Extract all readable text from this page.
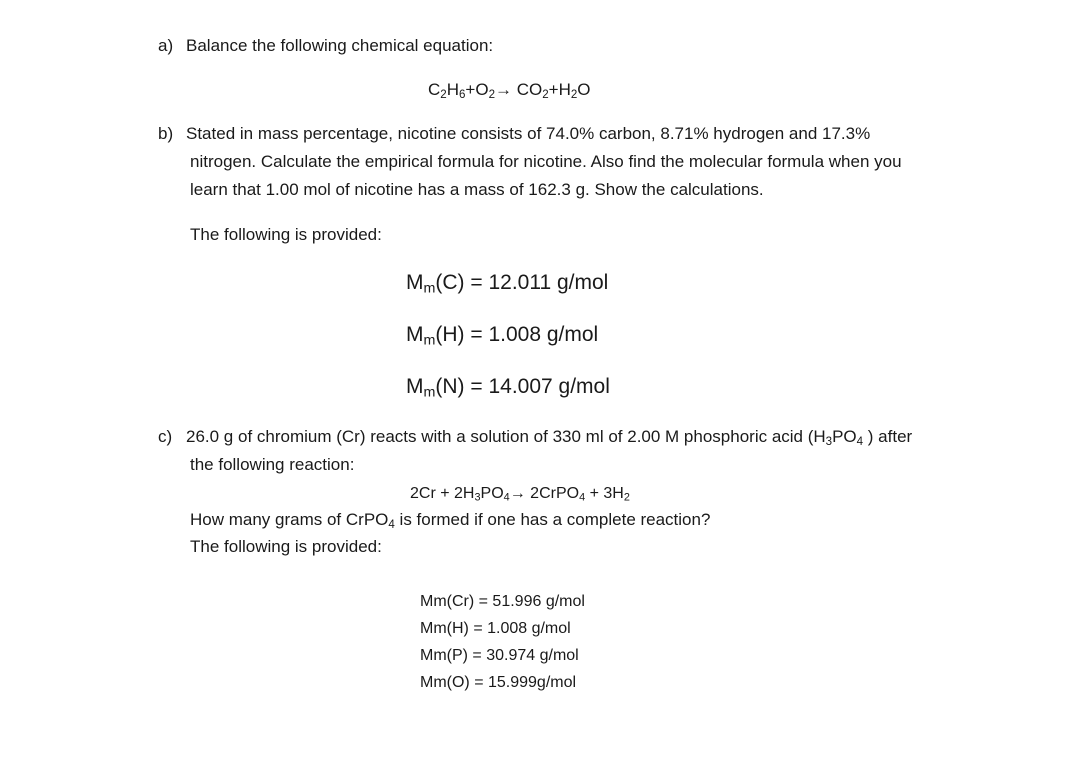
a) Balance the following chemical equation:
$C_2H_6+O_2\to CO_2+H_2O$
b) Stated in mass percentage, nicotine consists of 74.0% carbon, 8.71% hydrogen and 17.3%
nitrogen. Calculate the empirical formula for nicotine. Also find the molecular formula when you
learn that 1.00 mol of nicotine has a mass of 162.3 g. Show the calculations.
The following is provided:
$M_m(C) = 12.011$ g/mol
$M_m(H) = 1.008$ g/mol
$M_m(N) = 14.007$ g/mol
c) 26.0 g of chromium (Cr) reacts with a solution of 330 ml of 2.00 M phosphoric acid ($H_3PO_4$ ) after
the following reaction:
$2Cr + 2H_3PO_4\to$ 2CrPO$_4$ + $3H_2$
How many grams of CrPO$_4$ is formed if one has a complete reaction?
The following is provided:
Mm(Cr) = 51.996 g/mol
Mm(H) = 1.008 g/mol
Mm(P) = 30.974 g/mol
Mm(O) = 15.999g/mol
